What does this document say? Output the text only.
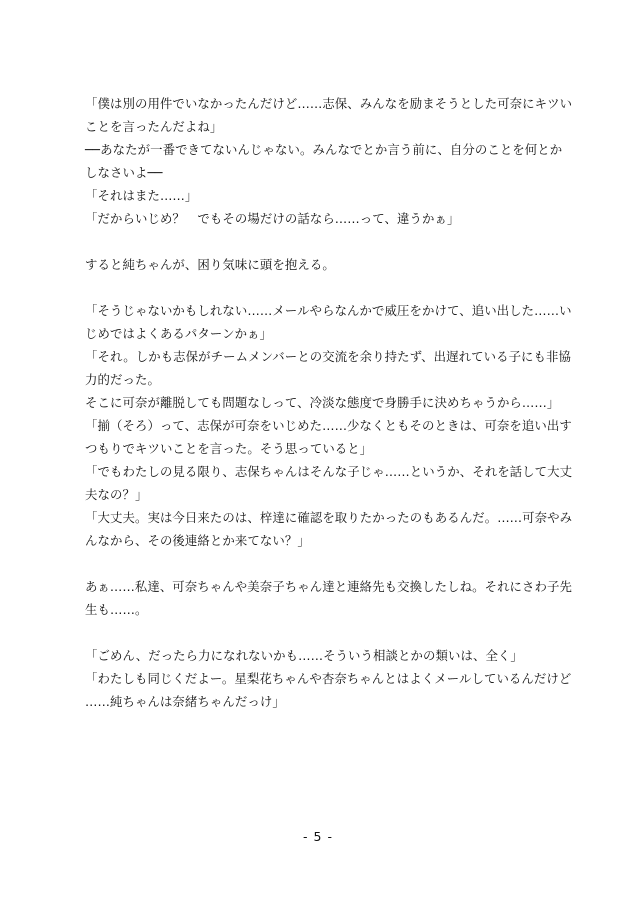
「僕は別の用件でいなかったんだけど……志保、みんなを励まそうとした可奈にキツい
ことを言ったんだよね」
──あなたが一番できてないんじゃない。みんなでとか言う前に、自分のことを何とか
しなさいよ──
「それはまた……」
「だからいじめ？　でもその場だけの話なら……って、違うかぁ」
すると純ちゃんが、困り気味に頭を抱える。
「そうじゃないかもしれない……メールやらなんかで威圧をかけて、追い出した……い
じめではよくあるパターンかぁ」
「それ。しかも志保がチームメンバーとの交流を余り持たず、出遅れている子にも非協
力的だった。
そこに可奈が離脱しても問題なしって、冷淡な態度で身勝手に決めちゃうから……」
「揃（そろ）って、志保が可奈をいじめた……少なくともそのときは、可奈を追い出す
つもりでキツいことを言った。そう思っていると」
「でもわたしの見る限り、志保ちゃんはそんな子じゃ……というか、それを話して大丈
夫なの？」
「大丈夫。実は今日来たのは、梓達に確認を取りたかったのもあるんだ。……可奈やみ
んなから、その後連絡とか来てない？」
あぁ……私達、可奈ちゃんや美奈子ちゃん達と連絡先も交換したしね。それにさわ子先
生も……。
「ごめん、だったら力になれないかも……そういう相談とかの類いは、全く」
「わたしも同じくだよー。星梨花ちゃんや杏奈ちゃんとはよくメールしているんだけど
……純ちゃんは奈緒ちゃんだっけ」
- 5 -
